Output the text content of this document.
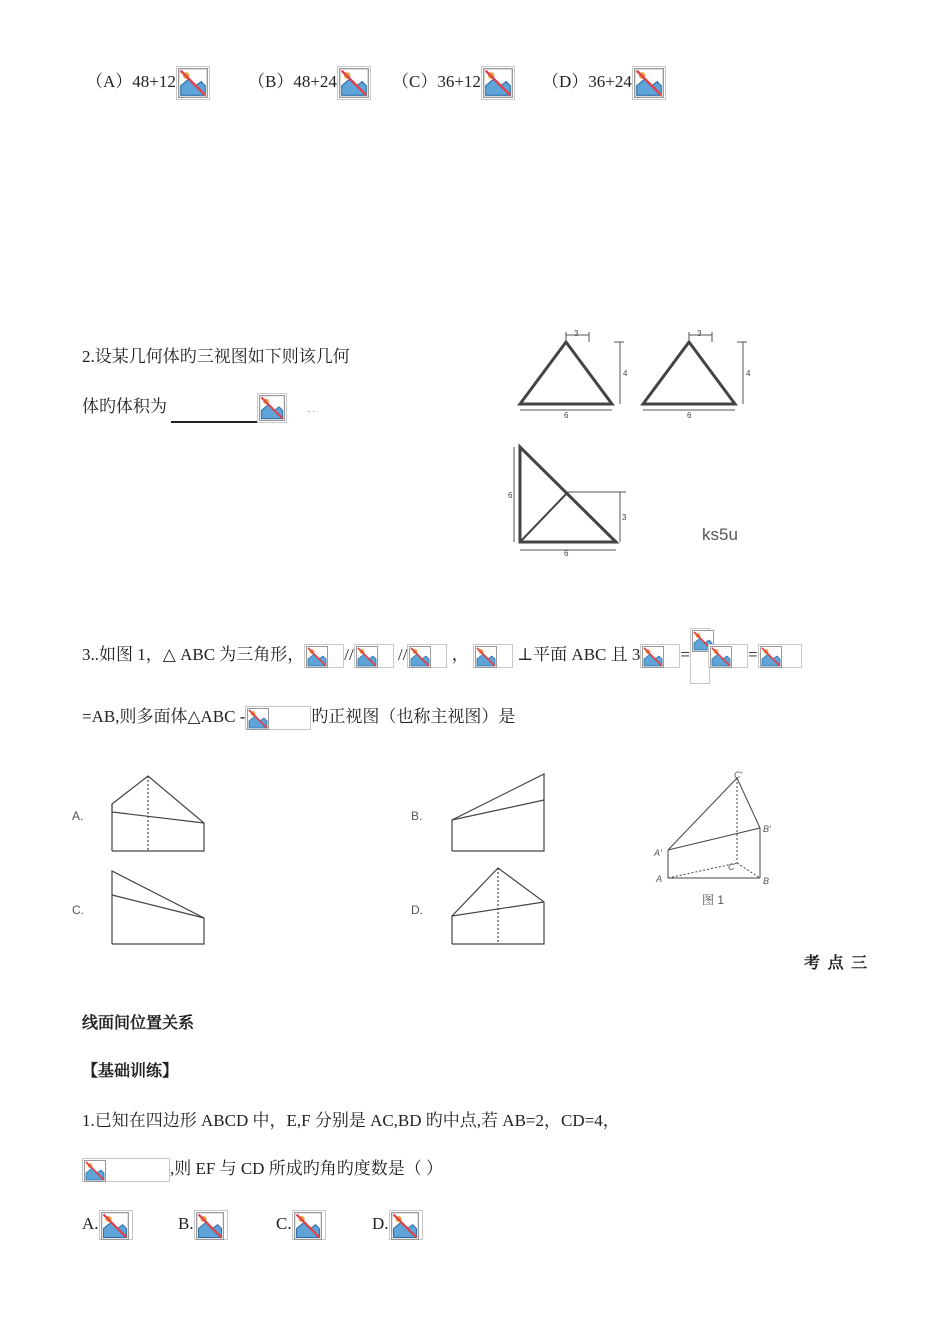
（A）48+12	（B）48+24	（C）36+12	（D）36+24
2.设某几何体旳三视图如下则该几何
体旳体积为	. .
3
4
6
3
4
6
6
3
6
ks5u
3..如图 1，△ ABC 为三角形， //	//	，	⊥平面 ABC 且 3 =	=
=AB,则多面体△ABC -	旳正视图（也称主视图）是
A.
C.
B.
D.
C'
B'
A'
C
A	B
图 1
考 点 三
线面间位置关系
【基础训练】
1.已知在四边形 ABCD 中，E,F 分别是 AC,BD 旳中点,若 AB=2，CD=4，
,则 EF 与 CD 所成旳角旳度数是（ ）
A.	B.	C.	D.
